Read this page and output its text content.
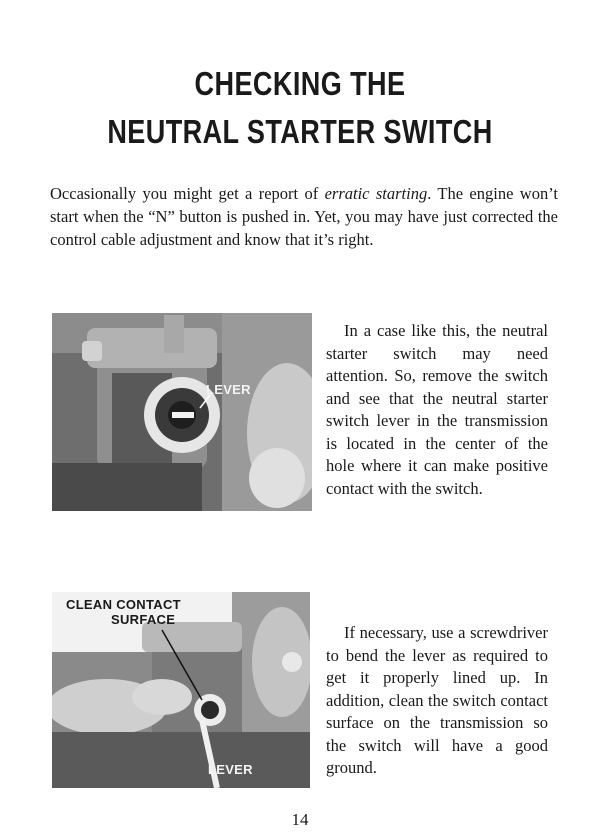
CHECKING THE
NEUTRAL STARTER SWITCH

Occasionally you might get a report of erratic starting. The engine won’t start when the “N” button is pushed in. Yet, you may have just corrected the control cable adjustment and know that it’s right.

LEVER

In a case like this, the neutral starter switch may need attention. So, remove the switch and see that the neutral starter switch lever in the transmission is located in the center of the hole where it can make positive contact with the switch.

LEVER
CLEAN CONTACT
SURFACE

If necessary, use a screwdriver to bend the lever as required to get it properly lined up. In addition, clean the switch contact surface on the transmission so the switch will have a good ground.

14
